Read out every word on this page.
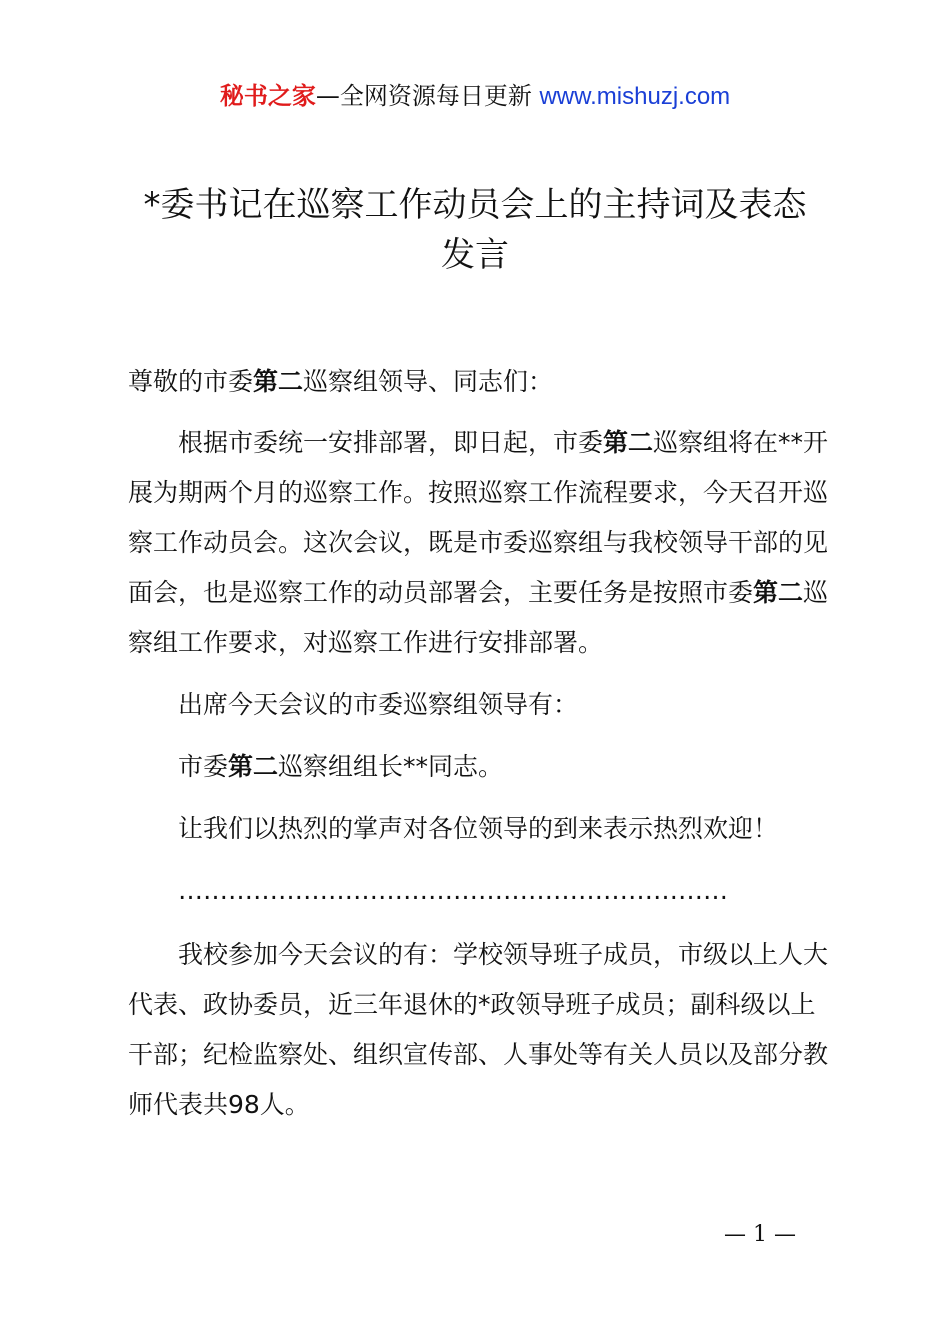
秘书之家—全网资源每日更新 www.mishuzj.com
*委书记在巡察工作动员会上的主持词及表态
发言
尊敬的市委第二巡察组领导、同志们：
根据市委统一安排部署，即日起，市委第二巡察组将在**开展为期两个月的巡察工作。按照巡察工作流程要求，今天召开巡察工作动员会。这次会议，既是市委巡察组与我校领导干部的见面会，也是巡察工作的动员部署会，主要任务是按照市委第二巡察组工作要求，对巡察工作进行安排部署。
出席今天会议的市委巡察组领导有：
市委第二巡察组组长**同志。
让我们以热烈的掌声对各位领导的到来表示热烈欢迎！
…………………………………………………………
我校参加今天会议的有：学校领导班子成员，市级以上人大代表、政协委员，近三年退休的*政领导班子成员；副科级以上干部；纪检监察处、组织宣传部、人事处等有关人员以及部分教师代表共98人。
— 1 —
